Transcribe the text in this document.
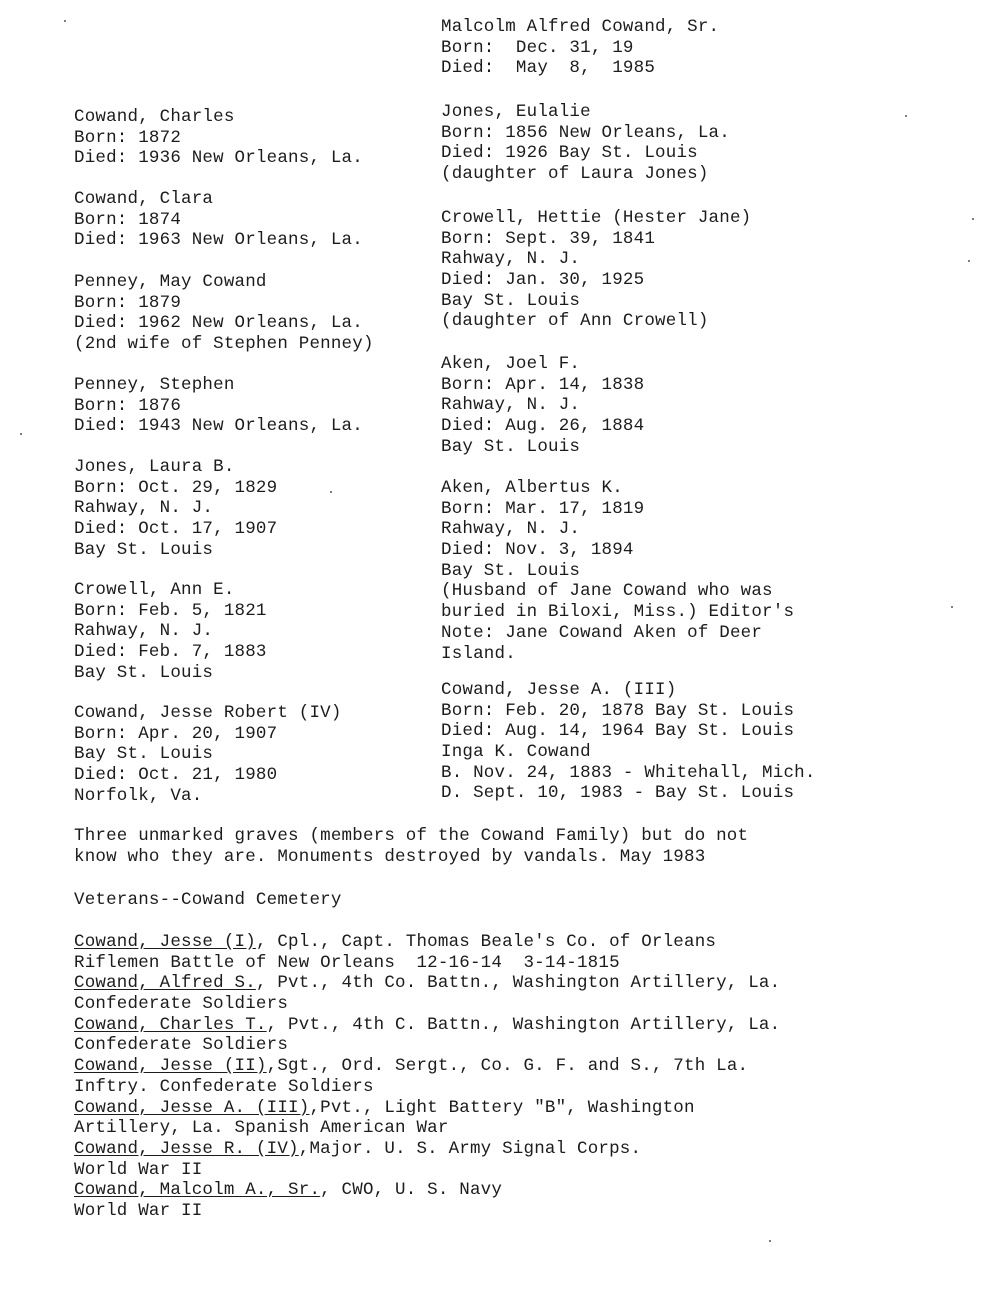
Malcolm Alfred Cowand, Sr.
Born:  Dec. 31, 19
Died:  May  8,  1985
Cowand, Charles
Born: 1872
Died: 1936 New Orleans, La.
Cowand, Clara
Born: 1874
Died: 1963 New Orleans, La.
Penney, May Cowand
Born: 1879
Died: 1962 New Orleans, La.
(2nd wife of Stephen Penney)
Penney, Stephen
Born: 1876
Died: 1943 New Orleans, La.
Jones, Laura B.
Born: Oct. 29, 1829
Rahway, N. J.
Died: Oct. 17, 1907
Bay St. Louis
Crowell, Ann E.
Born: Feb. 5, 1821
Rahway, N. J.
Died: Feb. 7, 1883
Bay St. Louis
Cowand, Jesse Robert (IV)
Born: Apr. 20, 1907
Bay St. Louis
Died: Oct. 21, 1980
Norfolk, Va.
Jones, Eulalie
Born: 1856 New Orleans, La.
Died: 1926 Bay St. Louis
(daughter of Laura Jones)
Crowell, Hettie (Hester Jane)
Born: Sept. 39, 1841
Rahway, N. J.
Died: Jan. 30, 1925
Bay St. Louis
(daughter of Ann Crowell)
Aken, Joel F.
Born: Apr. 14, 1838
Rahway, N. J.
Died: Aug. 26, 1884
Bay St. Louis
Aken, Albertus K.
Born: Mar. 17, 1819
Rahway, N. J.
Died: Nov. 3, 1894
Bay St. Louis
(Husband of Jane Cowand who was
buried in Biloxi, Miss.) Editor's
Note: Jane Cowand Aken of Deer
Island.
Cowand, Jesse A. (III)
Born: Feb. 20, 1878 Bay St. Louis
Died: Aug. 14, 1964 Bay St. Louis
Inga K. Cowand
B. Nov. 24, 1883 - Whitehall, Mich.
D. Sept. 10, 1983 - Bay St. Louis
Three unmarked graves (members of the Cowand Family) but do not
know who they are. Monuments destroyed by vandals. May 1983
Veterans--Cowand Cemetery
Cowand, Jesse (I), Cpl., Capt. Thomas Beale's Co. of Orleans
Riflemen Battle of New Orleans  12-16-14  3-14-1815
Cowand, Alfred S., Pvt., 4th Co. Battn., Washington Artillery, La.
Confederate Soldiers
Cowand, Charles T., Pvt., 4th C. Battn., Washington Artillery, La.
Confederate Soldiers
Cowand, Jesse (II),Sgt., Ord. Sergt., Co. G. F. and S., 7th La.
Inftry. Confederate Soldiers
Cowand, Jesse A. (III),Pvt., Light Battery "B", Washington
Artillery, La. Spanish American War
Cowand, Jesse R. (IV),Major. U. S. Army Signal Corps.
World War II
Cowand, Malcolm A., Sr., CWO, U. S. Navy
World War II
